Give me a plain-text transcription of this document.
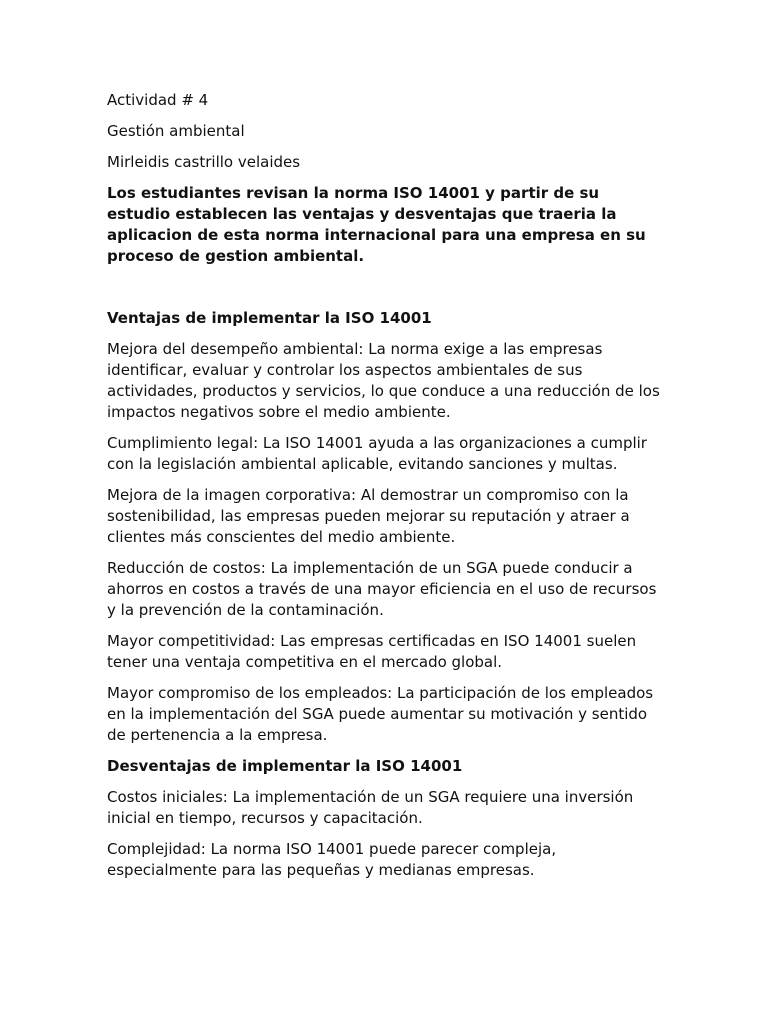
Actividad # 4

Gestión ambiental

Mirleidis castrillo velaides

Los estudiantes revisan la norma ISO 14001 y partir de su estudio establecen las ventajas y desventajas que traeria la aplicacion de esta norma internacional para una empresa en su proceso de gestion ambiental.

Ventajas de implementar la ISO 14001

Mejora del desempeño ambiental: La norma exige a las empresas identificar, evaluar y controlar los aspectos ambientales de sus actividades, productos y servicios, lo que conduce a una reducción de los impactos negativos sobre el medio ambiente.

Cumplimiento legal: La ISO 14001 ayuda a las organizaciones a cumplir con la legislación ambiental aplicable, evitando sanciones y multas.

Mejora de la imagen corporativa: Al demostrar un compromiso con la sostenibilidad, las empresas pueden mejorar su reputación y atraer a clientes más conscientes del medio ambiente.

Reducción de costos: La implementación de un SGA puede conducir a ahorros en costos a través de una mayor eficiencia en el uso de recursos y la prevención de la contaminación.

Mayor competitividad: Las empresas certificadas en ISO 14001 suelen tener una ventaja competitiva en el mercado global.

Mayor compromiso de los empleados: La participación de los empleados en la implementación del SGA puede aumentar su motivación y sentido de pertenencia a la empresa.

Desventajas de implementar la ISO 14001

Costos iniciales: La implementación de un SGA requiere una inversión inicial en tiempo, recursos y capacitación.

Complejidad: La norma ISO 14001 puede parecer compleja, especialmente para las pequeñas y medianas empresas.
